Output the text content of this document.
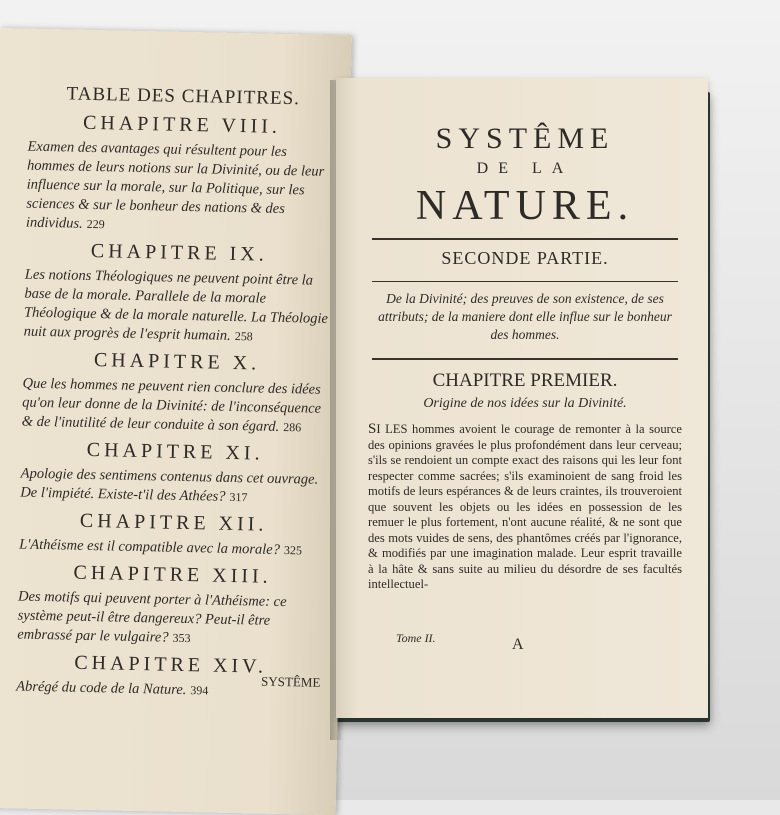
TABLE DES CHAPITRES.
CHAPITRE VIII.

Examen des avantages qui résultent pour les hommes de leurs notions sur la Divinité, ou de leur influence sur la morale, sur la Politique, sur les sciences & sur le bonheur des nations & des individus. 229

CHAPITRE IX.

Les notions Théologiques ne peuvent point être la base de la morale. Parallele de la morale Théologique & de la morale naturelle. La Théologie nuit aux progrès de l'esprit humain. 258

CHAPITRE X.

Que les hommes ne peuvent rien conclure des idées qu'on leur donne de la Divinité: de l'inconséquence & de l'inutilité de leur conduite à son égard. 286

CHAPITRE XI.

Apologie des sentimens contenus dans cet ouvrage. De l'impiété. Existe-t'il des Athées? 317

CHAPITRE XII.

L'Athéisme est il compatible avec la morale? 325

CHAPITRE XIII.

Des motifs qui peuvent porter à l'Athéisme: ce système peut-il être dangereux? Peut-il être embrassé par le vulgaire? 353

CHAPITRE XIV.

Abrégé du code de la Nature. 394

SYSTÊME
SYSTÊME
DE LA
NATURE.
SECONDE PARTIE.
De la Divinité; des preuves de son existence, de ses attributs; de la maniere dont elle influe sur le bonheur des hommes.
CHAPITRE PREMIER.
Origine de nos idées sur la Divinité.

SI LES hommes avoient le courage de remonter à la source des opinions gravées le plus profondément dans leur cerveau; s'ils se rendoient un compte exact des raisons qui les leur font respecter comme sacrées; s'ils examinoient de sang froid les motifs de leurs espérances & de leurs craintes, ils trouveroient que souvent les objets ou les idées en possession de les remuer le plus fortement, n'ont aucune réalité, & ne sont que des mots vuides de sens, des phantômes créés par l'ignorance, & modifiés par une imagination malade. Leur esprit travaille à la hâte & sans suite au milieu du désordre de ses facultés intellectuel-

Tome II.	A
